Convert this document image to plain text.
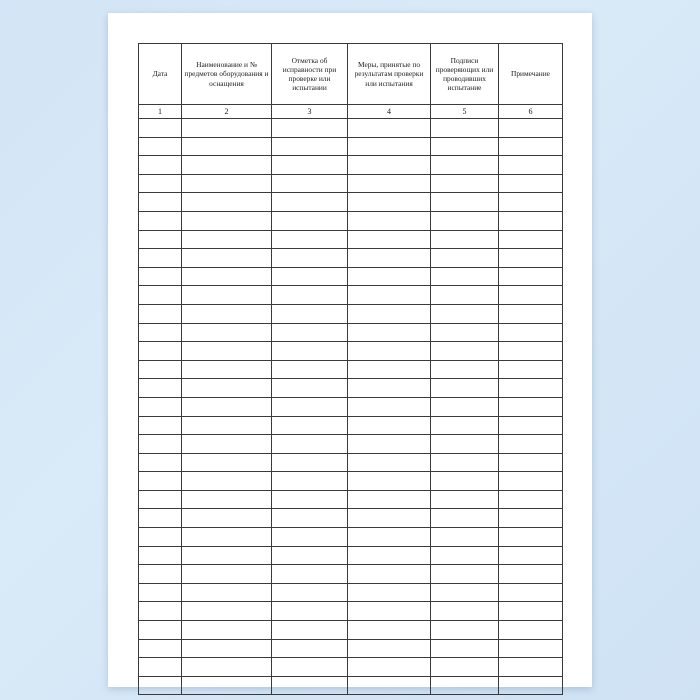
Дата	Наименование и № предметов оборудования и оснащения	Отметка об исправности при проверке или испытании	Меры, принятые по результатам проверки или испытания	Подписи проверяющих или проводивших испытание	Примечание
1	2	3	4	5	6
